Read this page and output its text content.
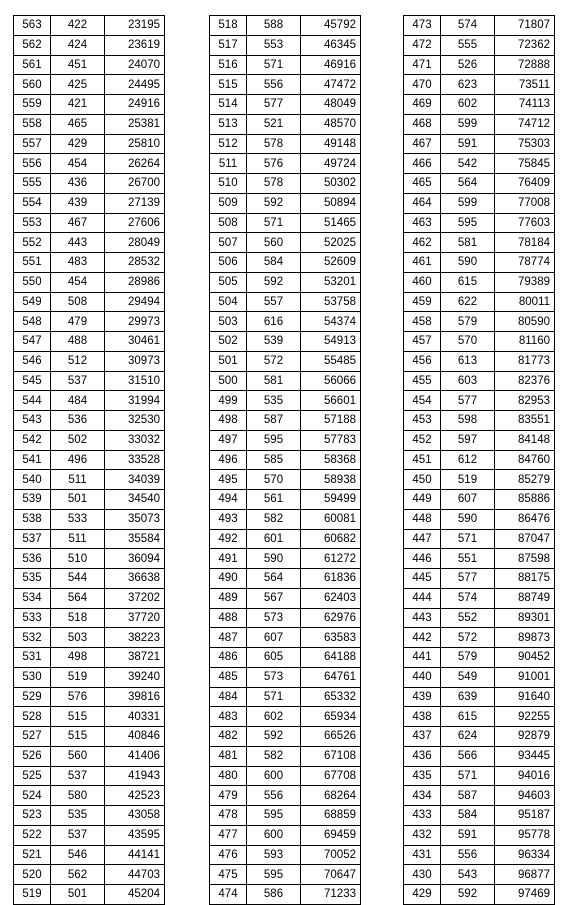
563	422	23195
562	424	23619
561	451	24070
560	425	24495
559	421	24916
558	465	25381
557	429	25810
556	454	26264
555	436	26700
554	439	27139
553	467	27606
552	443	28049
551	483	28532
550	454	28986
549	508	29494
548	479	29973
547	488	30461
546	512	30973
545	537	31510
544	484	31994
543	536	32530
542	502	33032
541	496	33528
540	511	34039
539	501	34540
538	533	35073
537	511	35584
536	510	36094
535	544	36638
534	564	37202
533	518	37720
532	503	38223
531	498	38721
530	519	39240
529	576	39816
528	515	40331
527	515	40846
526	560	41406
525	537	41943
524	580	42523
523	535	43058
522	537	43595
521	546	44141
520	562	44703
519	501	45204
518	588	45792
517	553	46345
516	571	46916
515	556	47472
514	577	48049
513	521	48570
512	578	49148
511	576	49724
510	578	50302
509	592	50894
508	571	51465
507	560	52025
506	584	52609
505	592	53201
504	557	53758
503	616	54374
502	539	54913
501	572	55485
500	581	56066
499	535	56601
498	587	57188
497	595	57783
496	585	58368
495	570	58938
494	561	59499
493	582	60081
492	601	60682
491	590	61272
490	564	61836
489	567	62403
488	573	62976
487	607	63583
486	605	64188
485	573	64761
484	571	65332
483	602	65934
482	592	66526
481	582	67108
480	600	67708
479	556	68264
478	595	68859
477	600	69459
476	593	70052
475	595	70647
474	586	71233
473	574	71807
472	555	72362
471	526	72888
470	623	73511
469	602	74113
468	599	74712
467	591	75303
466	542	75845
465	564	76409
464	599	77008
463	595	77603
462	581	78184
461	590	78774
460	615	79389
459	622	80011
458	579	80590
457	570	81160
456	613	81773
455	603	82376
454	577	82953
453	598	83551
452	597	84148
451	612	84760
450	519	85279
449	607	85886
448	590	86476
447	571	87047
446	551	87598
445	577	88175
444	574	88749
443	552	89301
442	572	89873
441	579	90452
440	549	91001
439	639	91640
438	615	92255
437	624	92879
436	566	93445
435	571	94016
434	587	94603
433	584	95187
432	591	95778
431	556	96334
430	543	96877
429	592	97469
